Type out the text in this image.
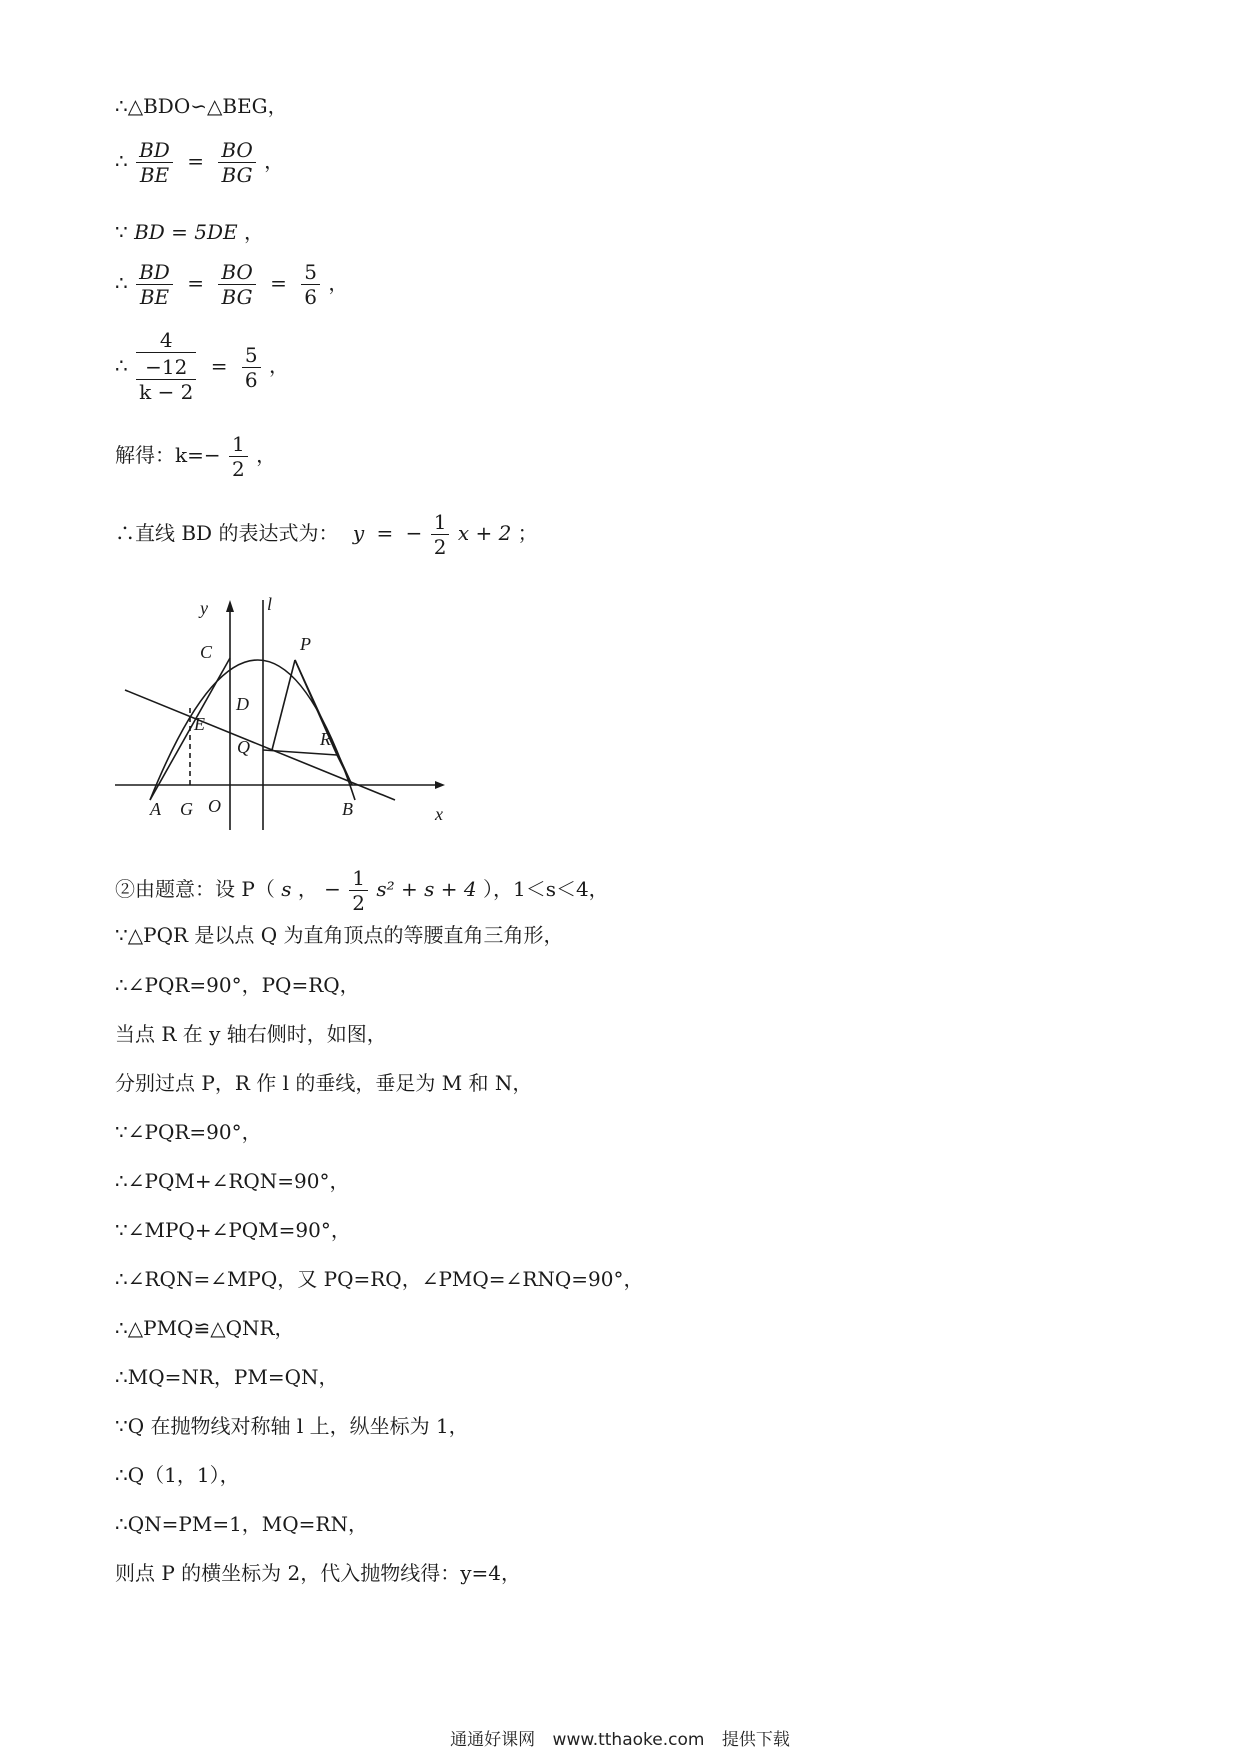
∴△BDO∽△BEG，
∴ $\frac{BD}{BE} = \frac{BO}{BG}$ ，
∵ BD = 5DE ，
∴ $\frac{BD}{BE} = \frac{BO}{BG} = \frac{5}{6}$ ，
∴ $\frac{4}{\frac{-12}{k - 2}} = \frac{5}{6}$ ，
解得：$k=- \frac{1}{2}$ ，
∴直线 BD 的表达式为： y = − $\frac{1}{2}$ x + 2 ；
y	l
x
C	P
D
E
Q	R
A G O	B
②由题意：设 P（ s ， − $\frac{1}{2} s^2 + s + 4$ ），1＜s＜4，
∵△PQR 是以点 Q 为直角顶点的等腰直角三角形，
∴∠PQR=90°，PQ=RQ，
当点 R 在 y 轴右侧时，如图，
分别过点 P，R 作 l 的垂线，垂足为 M 和 N，
∵∠PQR=90°，
∴∠PQM+∠RQN=90°，
∵∠MPQ+∠PQM=90°，
∴∠RQN=∠MPQ，又 PQ=RQ，∠PMQ=∠RNQ=90°，
∴△PMQ≌△QNR，
∴MQ=NR，PM=QN，
∵Q 在抛物线对称轴 l 上，纵坐标为 1，
∴Q（1，1），
∴QN=PM=1，MQ=RN，
则点 P 的横坐标为 2，代入抛物线得：y=4，
通通好课网 www.tthaoke.com 提供下载
